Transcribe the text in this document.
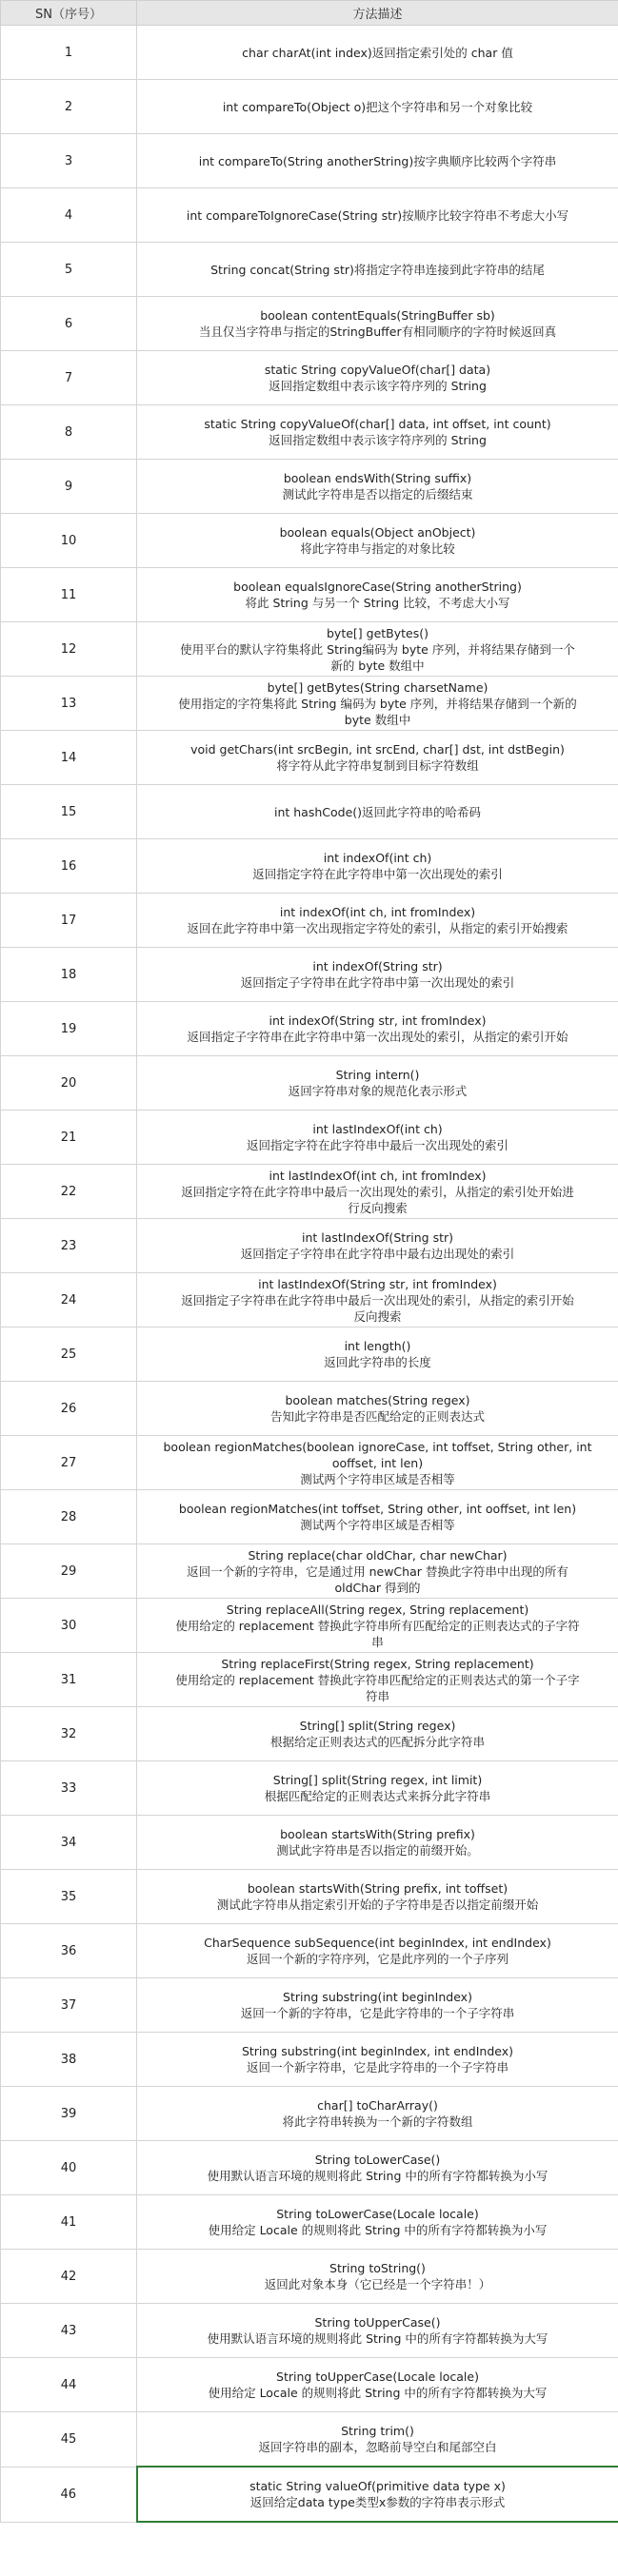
SN（序号）	方法描述
1	char charAt(int index)返回指定索引处的 char 值

2	int compareTo(Object o)把这个字符串和另一个对象比较

3	int compareTo(String anotherString)按字典顺序比较两个字符串

4	int compareToIgnoreCase(String str)按顺序比较字符串不考虑大小写

5	String concat(String str)将指定字符串连接到此字符串的结尾

6	boolean contentEquals(StringBuffer sb)
当且仅当字符串与指定的StringBuffer有相同顺序的字符时候返回真

7	static String copyValueOf(char[] data)
返回指定数组中表示该字符序列的 String

8	static String copyValueOf(char[] data, int offset, int count)
返回指定数组中表示该字符序列的 String

9	boolean endsWith(String suffix)
测试此字符串是否以指定的后缀结束

10	boolean equals(Object anObject)
将此字符串与指定的对象比较

11	boolean equalsIgnoreCase(String anotherString)
将此 String 与另一个 String 比较，不考虑大小写

12	byte[] getBytes()
使用平台的默认字符集将此 String编码为 byte 序列，并将结果存储到一个
新的 byte 数组中

13	byte[] getBytes(String charsetName)
使用指定的字符集将此 String 编码为 byte 序列，并将结果存储到一个新的
byte 数组中

14	void getChars(int srcBegin, int srcEnd, char[] dst, int dstBegin)
将字符从此字符串复制到目标字符数组

15	int hashCode()返回此字符串的哈希码

16	int indexOf(int ch)
返回指定字符在此字符串中第一次出现处的索引

17	int indexOf(int ch, int fromIndex)
返回在此字符串中第一次出现指定字符处的索引，从指定的索引开始搜索

18	int indexOf(String str)
返回指定子字符串在此字符串中第一次出现处的索引

19	int indexOf(String str, int fromIndex)
返回指定子字符串在此字符串中第一次出现处的索引，从指定的索引开始

20	String intern()
返回字符串对象的规范化表示形式

21	int lastIndexOf(int ch)
返回指定字符在此字符串中最后一次出现处的索引

22	int lastIndexOf(int ch, int fromIndex)
返回指定字符在此字符串中最后一次出现处的索引，从指定的索引处开始进
行反向搜索

23	int lastIndexOf(String str)
返回指定子字符串在此字符串中最右边出现处的索引

24	int lastIndexOf(String str, int fromIndex)
返回指定子字符串在此字符串中最后一次出现处的索引，从指定的索引开始
反向搜索

25	int length()
返回此字符串的长度

26	boolean matches(String regex)
告知此字符串是否匹配给定的正则表达式

27	boolean regionMatches(boolean ignoreCase, int toffset, String other, int
ooffset, int len)
测试两个字符串区域是否相等

28	boolean regionMatches(int toffset, String other, int ooffset, int len)
测试两个字符串区域是否相等

29	String replace(char oldChar, char newChar)
返回一个新的字符串，它是通过用 newChar 替换此字符串中出现的所有
oldChar 得到的

30	String replaceAll(String regex, String replacement)
使用给定的 replacement 替换此字符串所有匹配给定的正则表达式的子字符
串

31	String replaceFirst(String regex, String replacement)
使用给定的 replacement 替换此字符串匹配给定的正则表达式的第一个子字
符串

32	String[] split(String regex)
根据给定正则表达式的匹配拆分此字符串

33	String[] split(String regex, int limit)
根据匹配给定的正则表达式来拆分此字符串

34	boolean startsWith(String prefix)
测试此字符串是否以指定的前缀开始。

35	boolean startsWith(String prefix, int toffset)
测试此字符串从指定索引开始的子字符串是否以指定前缀开始

36	CharSequence subSequence(int beginIndex, int endIndex)
返回一个新的字符序列，它是此序列的一个子序列

37	String substring(int beginIndex)
返回一个新的字符串，它是此字符串的一个子字符串

38	String substring(int beginIndex, int endIndex)
返回一个新字符串，它是此字符串的一个子字符串

39	char[] toCharArray()
将此字符串转换为一个新的字符数组

40	String toLowerCase()
使用默认语言环境的规则将此 String 中的所有字符都转换为小写

41	String toLowerCase(Locale locale)
使用给定 Locale 的规则将此 String 中的所有字符都转换为小写

42	String toString()
返回此对象本身（它已经是一个字符串！）

43	String toUpperCase()
使用默认语言环境的规则将此 String 中的所有字符都转换为大写

44	String toUpperCase(Locale locale)
使用给定 Locale 的规则将此 String 中的所有字符都转换为大写

45	String trim()
返回字符串的副本，忽略前导空白和尾部空白

46	static String valueOf(primitive data type x)
返回给定data type类型x参数的字符串表示形式
